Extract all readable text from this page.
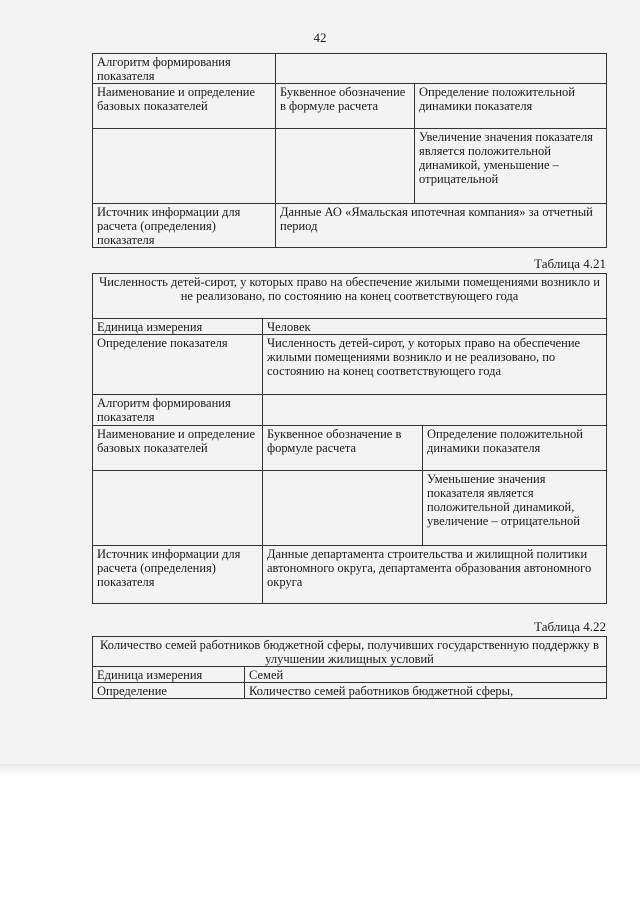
42
Алгоритм формирования показателя		
Наименование и определение базовых показателей	Буквенное обозначение в формуле расчета	Определение положительной динамики показателя
		Увеличение значения показателя является положительной динамикой, уменьшение – отрицательной
Источник информации для расчета (определения) показателя	Данные АО «Ямальская ипотечная компания» за отчетный период	
Таблица 4.21
Численность детей-сирот, у которых право на обеспечение жилыми помещениями возникло и не реализовано, по состоянию на конец соответствующего года		
Единица измерения	Человек	
Определение показателя	Численность детей-сирот, у которых право на обеспечение жилыми помещениями возникло и не реализовано, по состоянию на конец соответствующего года	
Алгоритм формирования показателя		
Наименование и определение базовых показателей	Буквенное обозначение в формуле расчета	Определение положительной динамики показателя
		Уменьшение значения показателя является положительной динамикой, увеличение – отрицательной
Источник информации для расчета (определения) показателя	Данные департамента строительства и жилищной политики автономного округа, департамента образования автономного округа	
Таблица 4.22
Количество семей работников бюджетной сферы, получивших государственную поддержку в улучшении жилищных условий	
Единица измерения	Семей
Определение	Количество семей работников бюджетной сферы,
